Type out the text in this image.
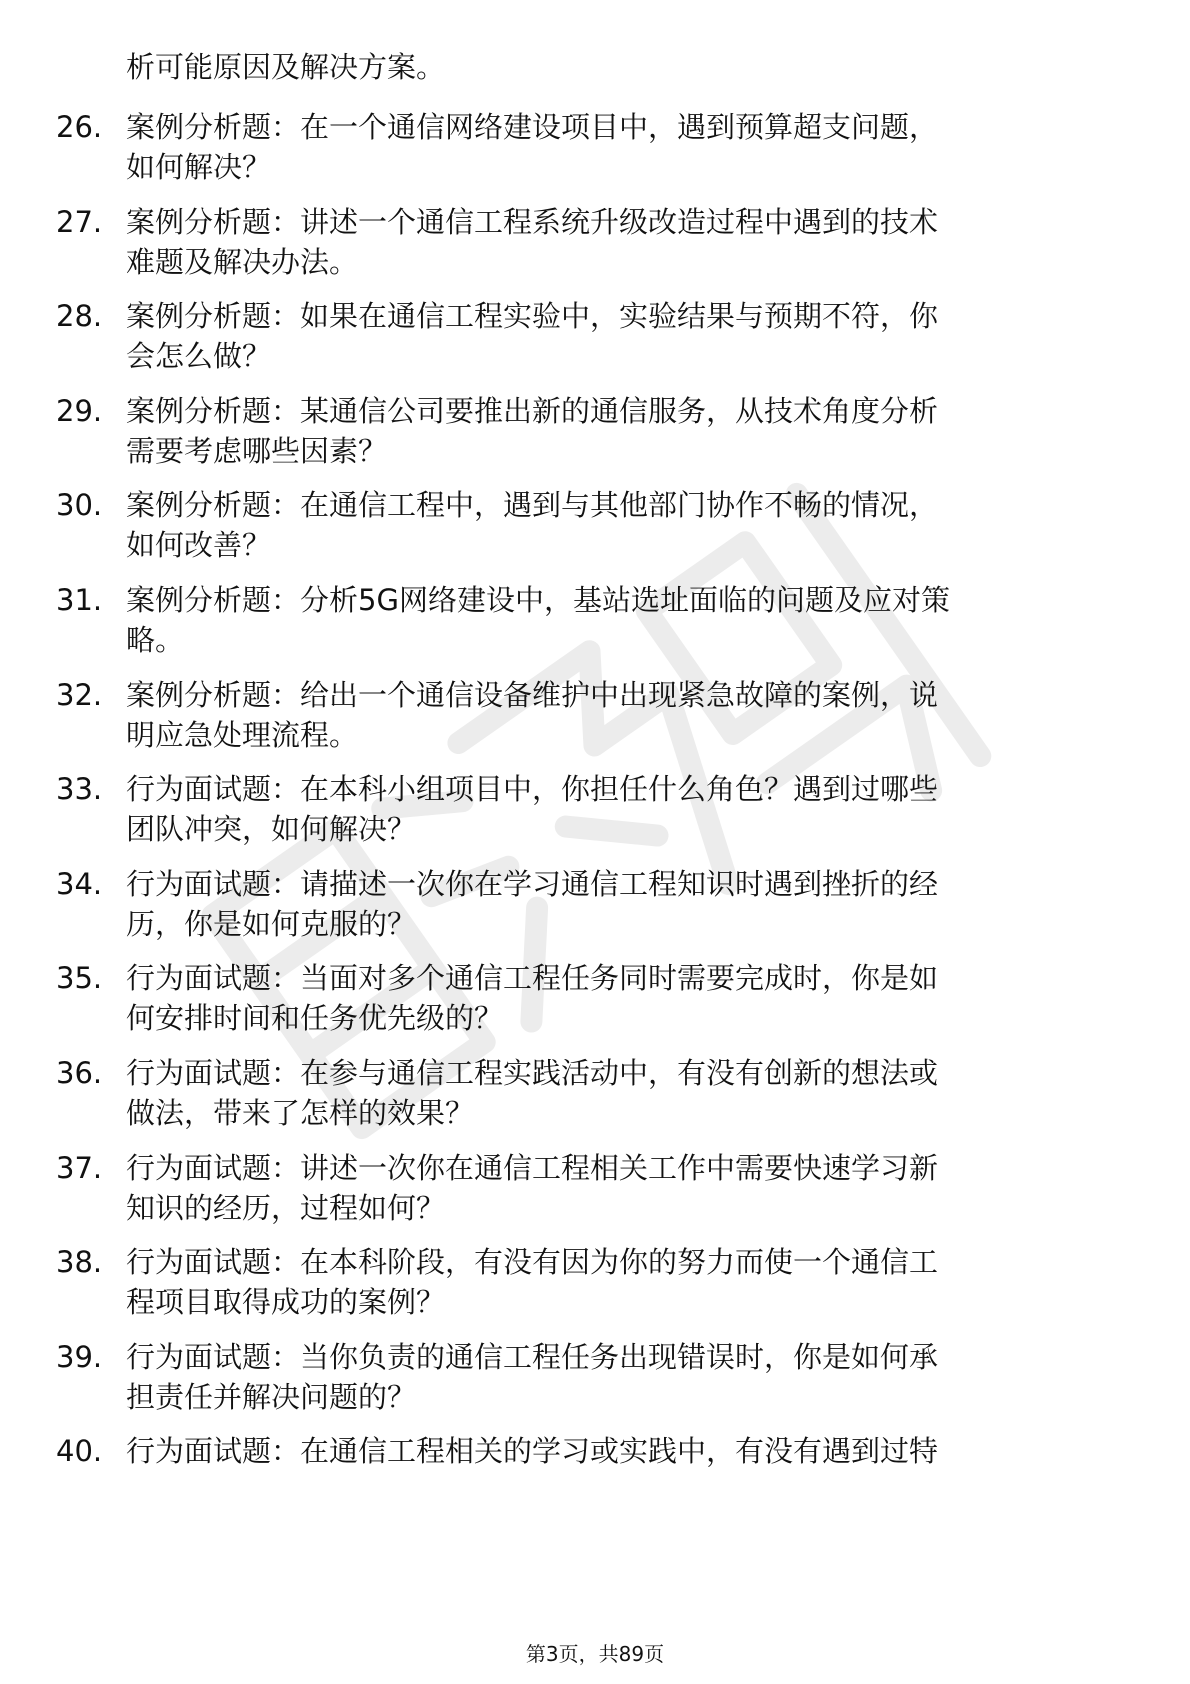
析可能原因及解决方案。

26. 案例分析题：在一个通信网络建设项目中，遇到预算超支问题，
如何解决？

27. 案例分析题：讲述一个通信工程系统升级改造过程中遇到的技术
难题及解决办法。

28. 案例分析题：如果在通信工程实验中，实验结果与预期不符，你
会怎么做？

29. 案例分析题：某通信公司要推出新的通信服务，从技术角度分析
需要考虑哪些因素？

30. 案例分析题：在通信工程中，遇到与其他部门协作不畅的情况，
如何改善？

31. 案例分析题：分析5G网络建设中，基站选址面临的问题及应对策
略。

32. 案例分析题：给出一个通信设备维护中出现紧急故障的案例，说
明应急处理流程。

33. 行为面试题：在本科小组项目中，你担任什么角色？遇到过哪些
团队冲突，如何解决？

34. 行为面试题：请描述一次你在学习通信工程知识时遇到挫折的经
历，你是如何克服的？

35. 行为面试题：当面对多个通信工程任务同时需要完成时，你是如
何安排时间和任务优先级的？

36. 行为面试题：在参与通信工程实践活动中，有没有创新的想法或
做法，带来了怎样的效果？

37. 行为面试题：讲述一次你在通信工程相关工作中需要快速学习新
知识的经历，过程如何？

38. 行为面试题：在本科阶段，有没有因为你的努力而使一个通信工
程项目取得成功的案例？

39. 行为面试题：当你负责的通信工程任务出现错误时，你是如何承
担责任并解决问题的？

40. 行为面试题：在通信工程相关的学习或实践中，有没有遇到过特

第3页，共89页
